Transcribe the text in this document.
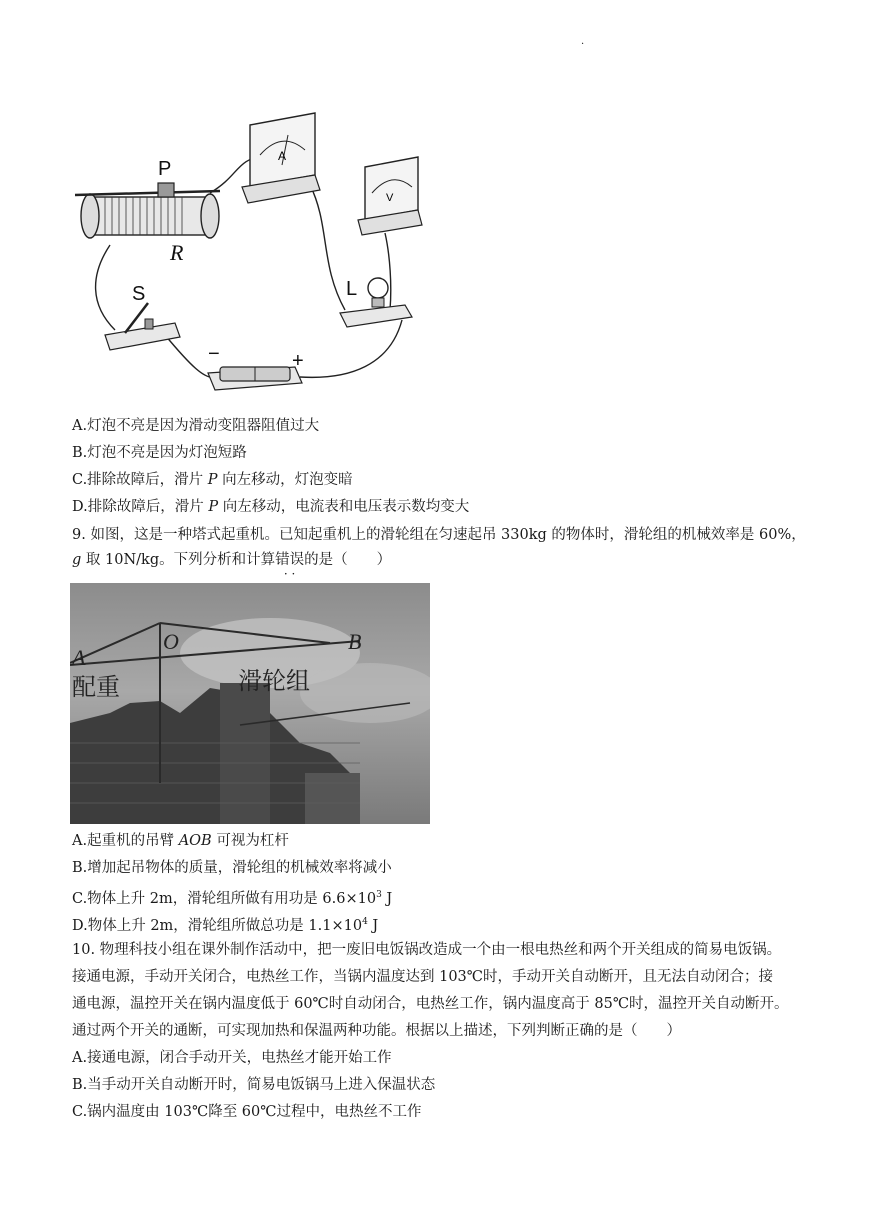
.
P
R
A
V
L
S
−	+
A.灯泡不亮是因为滑动变阻器阻值过大
B.灯泡不亮是因为灯泡短路
C.排除故障后，滑片 P 向左移动，灯泡变暗
D.排除故障后，滑片 P 向左移动，电流表和电压表示数均变大
9. 如图，这是一种塔式起重机。已知起重机上的滑轮组在匀速起吊 330kg 的物体时，滑轮组的机械效率是 60%，
g 取 10N/kg。下列分析和计算错误 · ·的是（　　）
A
O	B
配重	滑轮组
A.起重机的吊臂 AOB 可视为杠杆
B.增加起吊物体的质量，滑轮组的机械效率将减小
C.物体上升 2m，滑轮组所做有用功是 $6.6\times 10^3$ J
D.物体上升 2m，滑轮组所做总功是 $1.1\times 10^4$ J
10. 物理科技小组在课外制作活动中，把一废旧电饭锅改造成一个由一根电热丝和两个开关组成的简易电饭锅。
接通电源，手动开关闭合，电热丝工作，当锅内温度达到 103℃时，手动开关自动断开，且无法自动闭合；接
通电源，温控开关在锅内温度低于 60℃时自动闭合，电热丝工作，锅内温度高于 85℃时，温控开关自动断开。
通过两个开关的通断，可实现加热和保温两种功能。根据以上描述，下列判断正确的是（　　）
A.接通电源，闭合手动开关，电热丝才能开始工作
B.当手动开关自动断开时，简易电饭锅马上进入保温状态
C.锅内温度由 103℃降至 60℃过程中，电热丝不工作
